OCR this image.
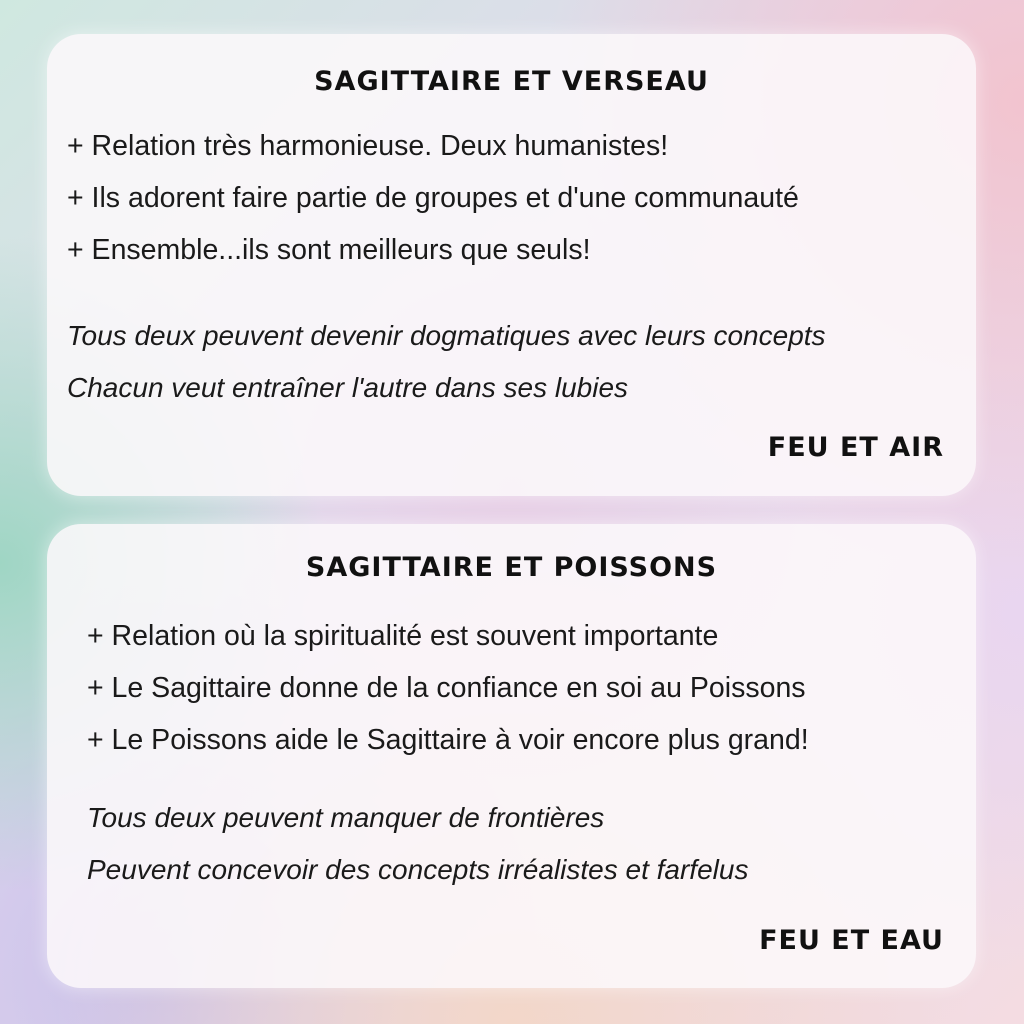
SAGITTAIRE ET VERSEAU
+ Relation très harmonieuse. Deux humanistes!
+ Ils adorent faire partie de groupes et d'une communauté
+ Ensemble...ils sont meilleurs que seuls!
Tous deux peuvent devenir dogmatiques avec leurs concepts
Chacun veut entraîner l'autre dans ses lubies
FEU ET AIR
SAGITTAIRE ET POISSONS
+ Relation où la spiritualité est souvent importante
+ Le Sagittaire donne de la confiance en soi au Poissons
+ Le Poissons aide le Sagittaire à voir encore plus grand!
Tous deux peuvent manquer de frontières
Peuvent concevoir des concepts irréalistes et farfelus
FEU ET EAU
